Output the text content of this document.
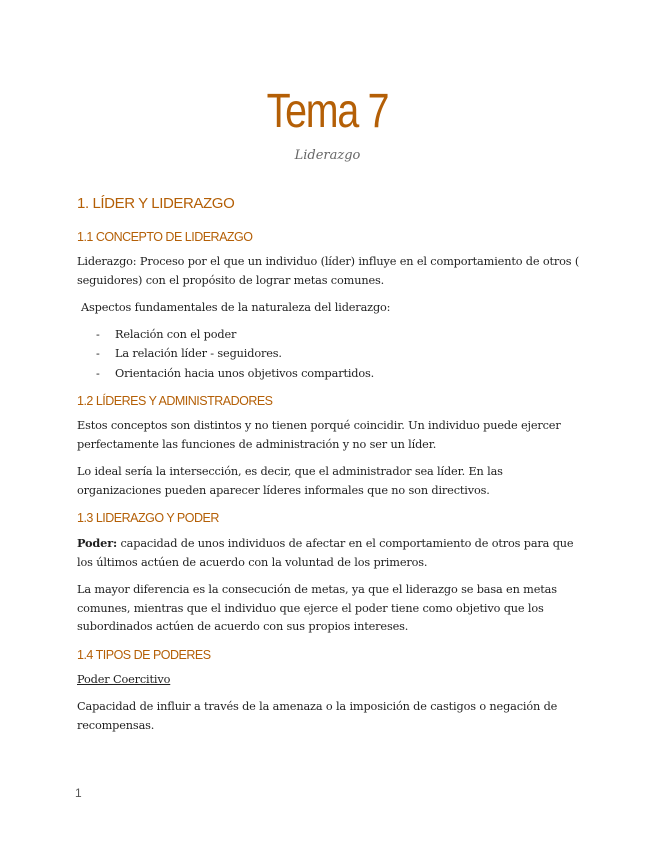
Tema 7
Liderazgo
1. LÍDER Y LIDERAZGO
1.1 CONCEPTO DE LIDERAZGO

Liderazgo: Proceso por el que un individuo (líder) influye en el comportamiento de otros ( seguidores) con el propósito de lograr metas comunes.

Aspectos fundamentales de la naturaleza del liderazgo:

- Relación con el poder
- La relación líder - seguidores.
- Orientación hacia unos objetivos compartidos.
1.2 LÍDERES Y ADMINISTRADORES

Estos conceptos son distintos y no tienen porqué coincidir. Un individuo puede ejercer perfectamente las funciones de administración y no ser un líder.

Lo ideal sería la intersección, es decir, que el administrador sea líder. En las organizaciones pueden aparecer líderes informales que no son directivos.

1.3 LIDERAZGO Y PODER

Poder: capacidad de unos individuos de afectar en el comportamiento de otros para que los últimos actúen de acuerdo con la voluntad de los primeros.

La mayor diferencia es la consecución de metas, ya que el liderazgo se basa en metas comunes, mientras que el individuo que ejerce el poder tiene como objetivo que los subordinados actúen de acuerdo con sus propios intereses.

1.4 TIPOS DE PODERES

Poder Coercitivo

Capacidad de influir a través de la amenaza o la imposición de castigos o negación de recompensas.

1
